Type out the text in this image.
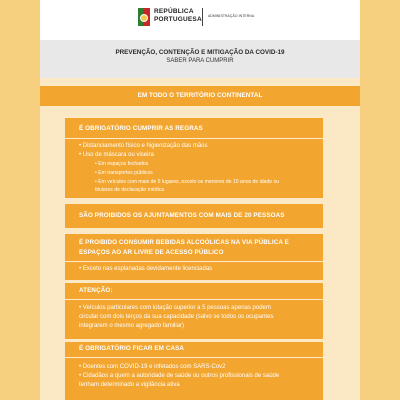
REPÚBLICA
PORTUGUESA ADMINISTRAÇÃO INTERNA
PREVENÇÃO, CONTENÇÃO E MITIGAÇÃO DA COVID-19
SABER PARA CUMPRIR
EM TODO O TERRITÓRIO CONTINENTAL
É OBRIGATÓRIO CUMPRIR AS REGRAS
• Distanciamento físico e higienização das mãos
• Uso de máscara ou viseira
• Em espaços fechados
• Em transportes públicos
• Em veículos com mais de 5 lugares, exceto os menores de 10 anos de idade ou
titulares de declaração médica
SÃO PROIBIDOS OS AJUNTAMENTOS COM MAIS DE 20 PESSOAS
É PROIBIDO CONSUMIR BEBIDAS ALCOÓLICAS NA VIA PÚBLICA E
ESPAÇOS AO AR LIVRE DE ACESSO PÚBLICO
• Exceto nas esplanadas devidamente licenciadas
ATENÇÃO:
• Veículos particulares com lotação superior a 5 pessoas apenas podem
circular com dois terços da sua capacidade (salvo se todos os ocupantes
integrarem o mesmo agregado familiar)
É OBRIGATÓRIO FICAR EM CASA
• Doentes com COVID-19 e infetados com SARS-Cov2
• Cidadãos a quem a autoridade de saúde ou outros profissionais de saúde
tenham determinado a vigilância ativa
